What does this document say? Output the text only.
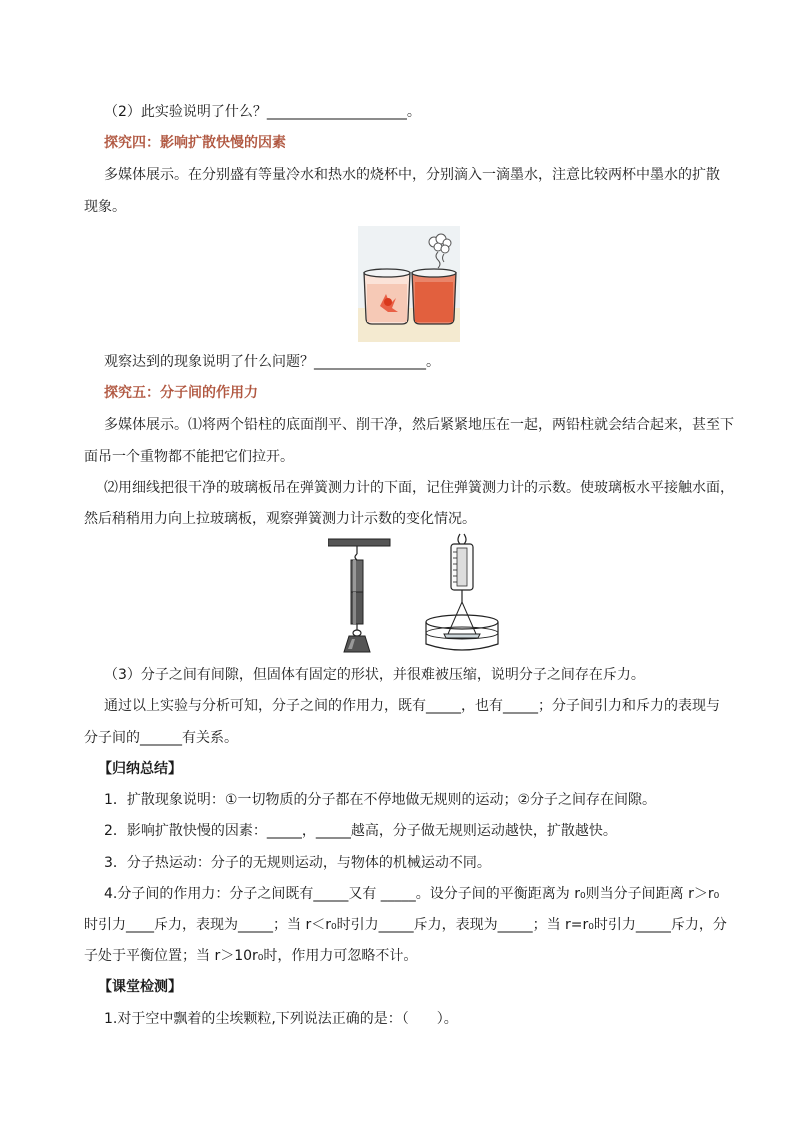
（2）此实验说明了什么？____________________。
探究四：影响扩散快慢的因素
多媒体展示。在分别盛有等量冷水和热水的烧杯中，分别滴入一滴墨水，注意比较两杯中墨水的扩散
现象。
观察达到的现象说明了什么问题？________________。
探究五：分子间的作用力
多媒体展示。⑴将两个铅柱的底面削平、削干净，然后紧紧地压在一起，两铅柱就会结合起来，甚至下
面吊一个重物都不能把它们拉开。
⑵用细线把很干净的玻璃板吊在弹簧测力计的下面，记住弹簧测力计的示数。使玻璃板水平接触水面，
然后稍稍用力向上拉玻璃板，观察弹簧测力计示数的变化情况。
（3）分子之间有间隙，但固体有固定的形状，并很难被压缩，说明分子之间存在斥力。
通过以上实验与分析可知，分子之间的作用力，既有_____，也有_____；分子间引力和斥力的表现与
分子间的______有关系。
【归纳总结】
1．扩散现象说明：①一切物质的分子都在不停地做无规则的运动；②分子之间存在间隙。
2．影响扩散快慢的因素：_____，_____越高，分子做无规则运动越快，扩散越快。
3．分子热运动：分子的无规则运动，与物体的机械运动不同。
4.分子间的作用力：分子之间既有_____又有 _____。设分子间的平衡距离为 r₀则当分子间距离 r＞r₀
时引力____斥力，表现为_____；当 r＜r₀时引力_____斥力，表现为_____；当 r=r₀时引力_____斥力，分
子处于平衡位置；当 r＞10r₀时，作用力可忽略不计。
【课堂检测】
1.对于空中飘着的尘埃颗粒,下列说法正确的是：（　　）。
